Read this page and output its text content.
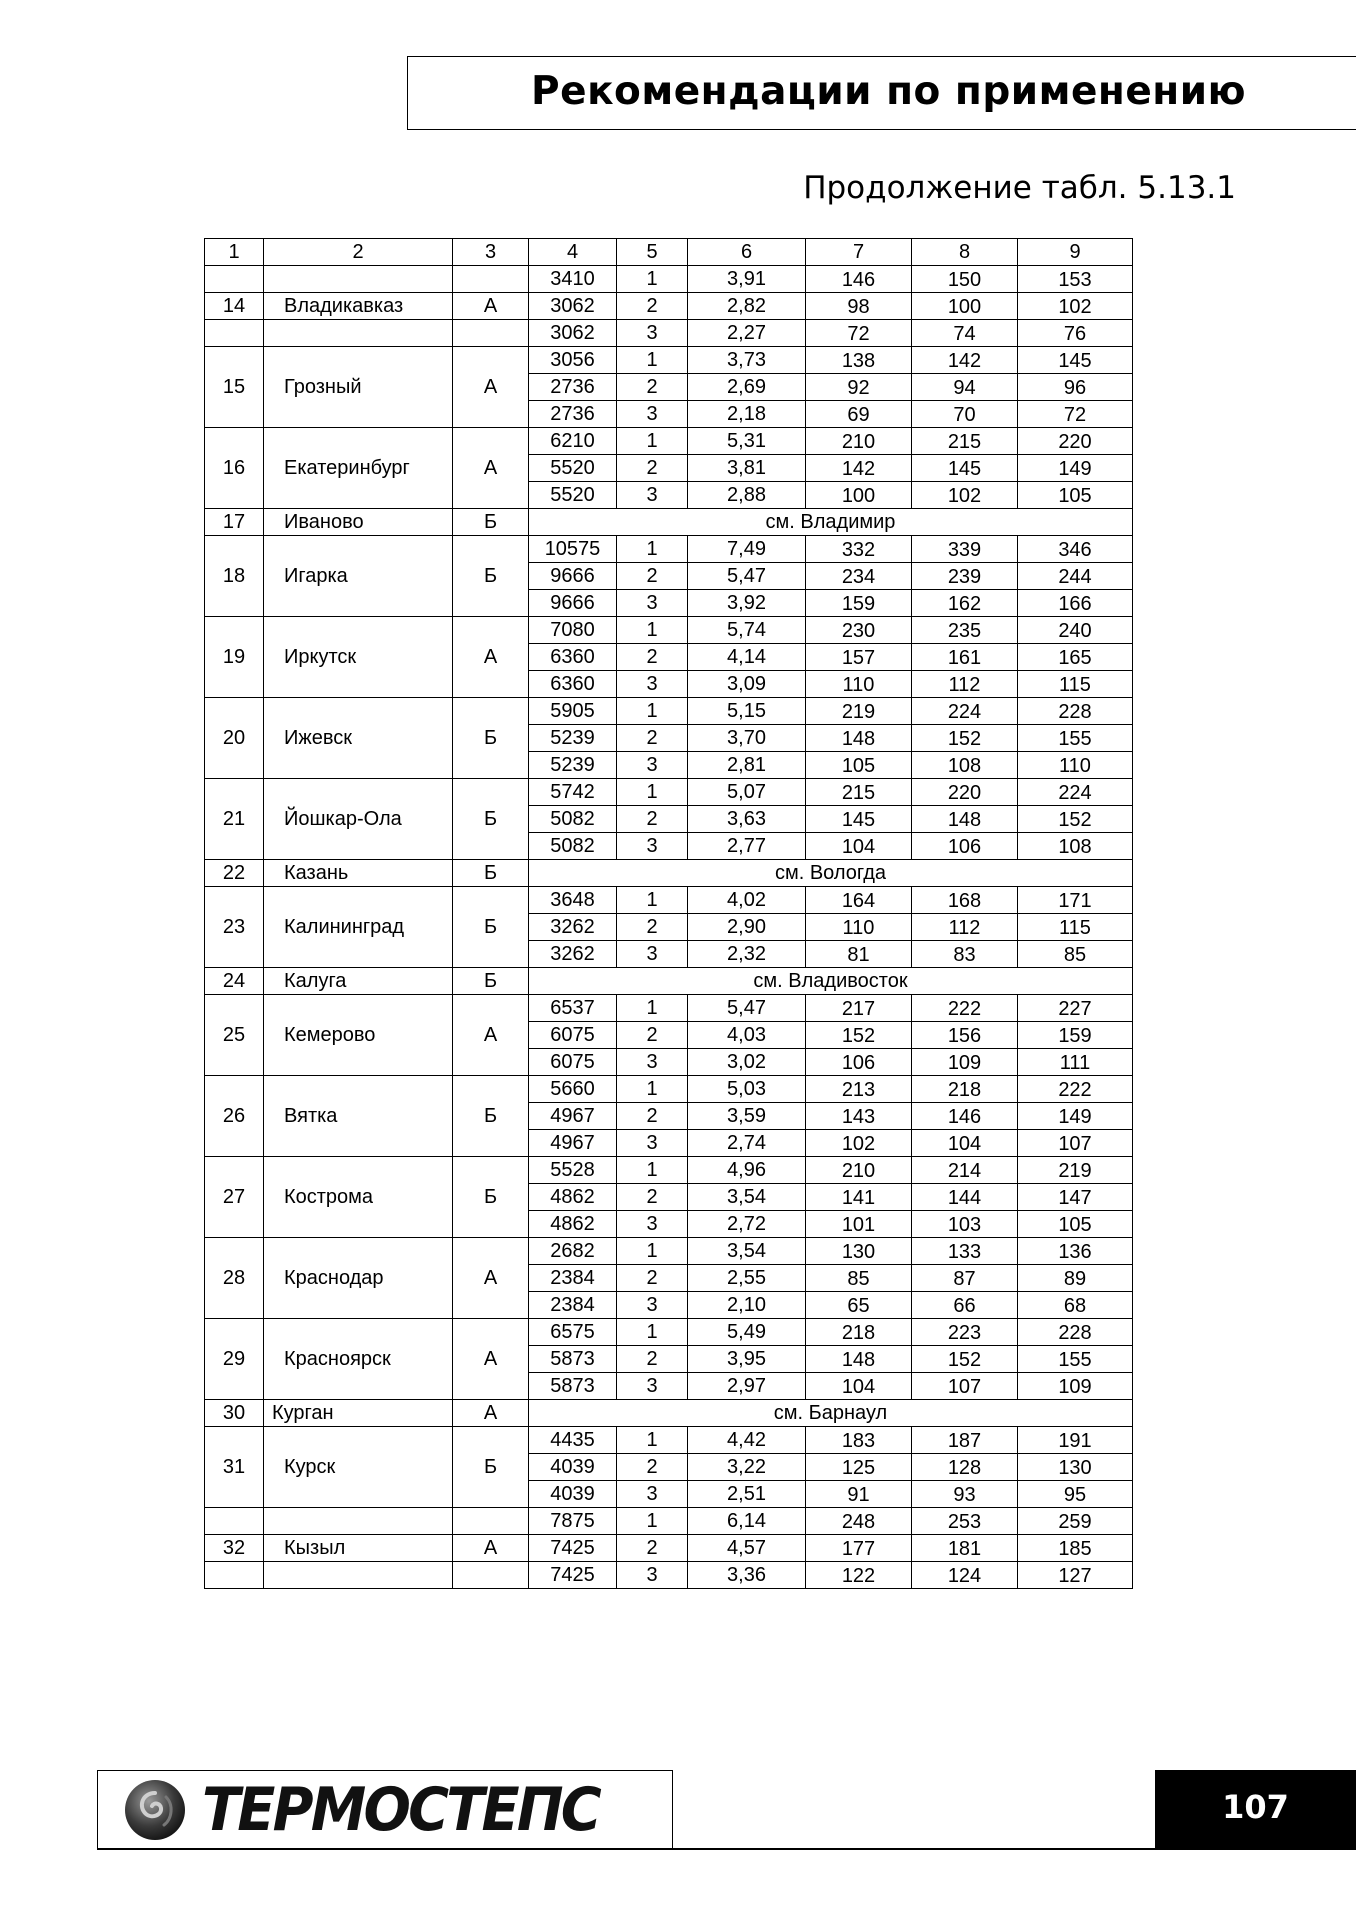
Рекомендации по применению
Продолжение табл. 5.13.1
1	2	3	4	5	6	7	8	9
			3410	1	3,91	146	150	153
14	Владикавказ	А	3062	2	2,82	98	100	102
			3062	3	2,27	72	74	76
15	Грозный	А	3056	1	3,73	138	142	145
			2736	2	2,69	92	94	96
			2736	3	2,18	69	70	72
16	Екатеринбург	А	6210	1	5,31	210	215	220
			5520	2	3,81	142	145	149
			5520	3	2,88	100	102	105
17	Иваново	Б	см. Владимир					
18	Игарка	Б	10575	1	7,49	332	339	346
			9666	2	5,47	234	239	244
			9666	3	3,92	159	162	166
19	Иркутск	А	7080	1	5,74	230	235	240
			6360	2	4,14	157	161	165
			6360	3	3,09	110	112	115
20	Ижевск	Б	5905	1	5,15	219	224	228
			5239	2	3,70	148	152	155
			5239	3	2,81	105	108	110
21	Йошкар-Ола	Б	5742	1	5,07	215	220	224
			5082	2	3,63	145	148	152
			5082	3	2,77	104	106	108
22	Казань	Б	см. Вологда					
23	Калининград	Б	3648	1	4,02	164	168	171
			3262	2	2,90	110	112	115
			3262	3	2,32	81	83	85
24	Калуга	Б	см. Владивосток					
25	Кемерово	А	6537	1	5,47	217	222	227
			6075	2	4,03	152	156	159
			6075	3	3,02	106	109	111
26	Вятка	Б	5660	1	5,03	213	218	222
			4967	2	3,59	143	146	149
			4967	3	2,74	102	104	107
27	Кострома	Б	5528	1	4,96	210	214	219
			4862	2	3,54	141	144	147
			4862	3	2,72	101	103	105
28	Краснодар	А	2682	1	3,54	130	133	136
			2384	2	2,55	85	87	89
			2384	3	2,10	65	66	68
29	Красноярск	А	6575	1	5,49	218	223	228
			5873	2	3,95	148	152	155
			5873	3	2,97	104	107	109
30	Курган	А	см. Барнаул					
31	Курск	Б	4435	1	4,42	183	187	191
			4039	2	3,22	125	128	130
			4039	3	2,51	91	93	95
			7875	1	6,14	248	253	259
32	Кызыл	А	7425	2	4,57	177	181	185
			7425	3	3,36	122	124	127
ТЕРМОСТЕПС	107
